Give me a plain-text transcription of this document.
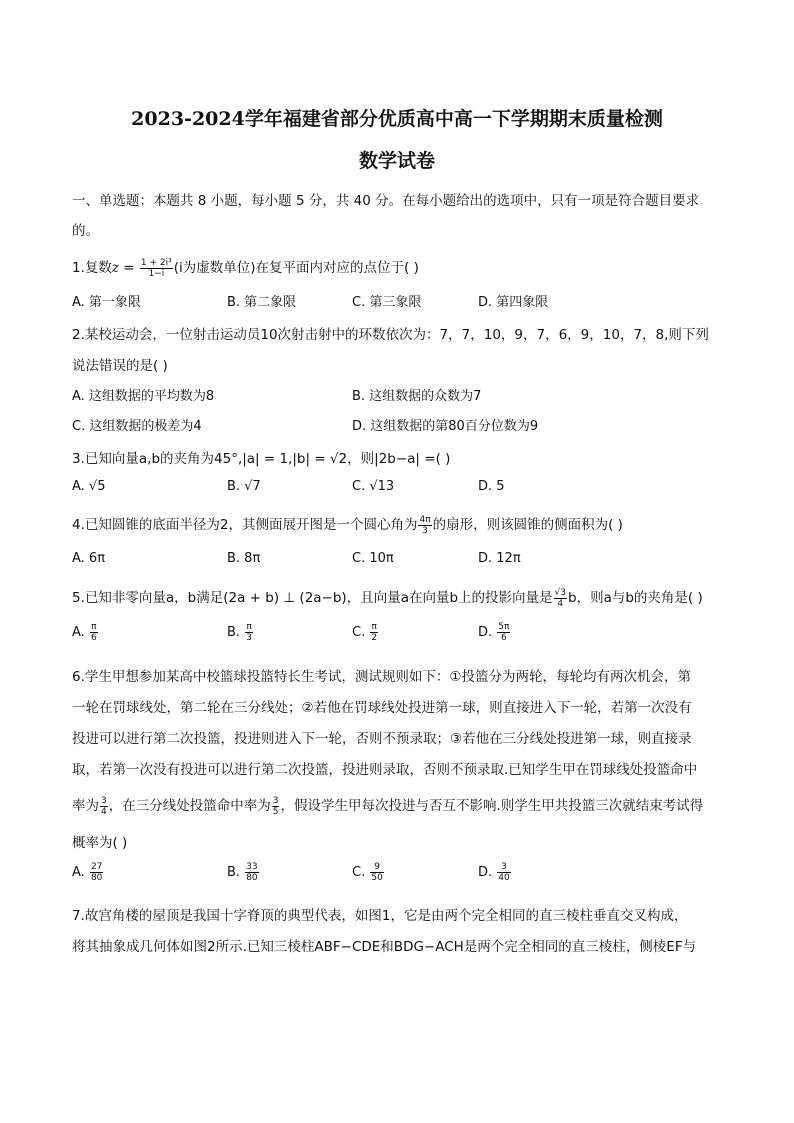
2023-2024学年福建省部分优质高中高一下学期期末质量检测
数学试卷
一、单选题：本题共 8 小题，每小题 5 分，共 40 分。在每小题给出的选项中，只有一项是符合题目要求
的。
1.复数$z = \frac{\text{1 + 2i³}}{1-i} (i$为虚数单位)在复平面内对应的点位于( )
A. 第一象限	B. 第二象限	C. 第三象限	D. 第四象限
2.某校运动会，一位射击运动员10次射击射中的环数依次为：7，7，10，9，7，6，9，10，7，8,则下列
说法错误的是( )
A. 这组数据的平均数为8	B. 这组数据的众数为7
C. 这组数据的极差为4	D. 这组数据的第80百分位数为9
3.已知向量a,b的夹角为45°,|a| = 1,|b| = √2，则|2b−a| =( )
A. √5	B. √7	C. √13	D. 5
4.已知圆锥的底面半径为2，其侧面展开图是一个圆心角为 $\frac{4\pi}{3}$ 的扇形，则该圆锥的侧面积为( )
A. 6π	B. 8π	C. 10π	D. 12π
5.已知非零向量a，b满足(2a + b) ⊥ (2a−b)，且向量a在向量b上的投影向量是 $\frac{√3}{4}$ b，则a与b的夹角是( )
A. $\frac{\pi}{6}$	B. $\frac{\pi}{3}$	C. $\frac{\pi}{2}$	D. $\frac{5\pi}{6}$
6.学生甲想参加某高中校篮球投篮特长生考试，测试规则如下：①投篮分为两轮，每轮均有两次机会，第
一轮在罚球线处，第二轮在三分线处；②若他在罚球线处投进第一球，则直接进入下一轮，若第一次没有
投进可以进行第二次投篮，投进则进入下一轮，否则不预录取；③若他在三分线处投进第一球，则直接录
取，若第一次没有投进可以进行第二次投篮，投进则录取，否则不预录取.已知学生甲在罚球线处投篮命中
率为 $\frac{3}{4}$ ，在三分线处投篮命中率为 $\frac{3}{5}$ ，假设学生甲每次投进与否互不影响.则学生甲共投篮三次就结束考试得
概率为( )
A. $\frac{27}{80}$	B. $\frac{33}{80}$	C. $\frac{9}{50}$	D. $\frac{3}{40}$
7.故宫角楼的屋顶是我国十字脊顶的典型代表，如图1，它是由两个完全相同的直三棱柱垂直交叉构成，
将其抽象成几何体如图2所示.已知三棱柱ABF−CDE和BDG−ACH是两个完全相同的直三棱柱，侧棱EF与
